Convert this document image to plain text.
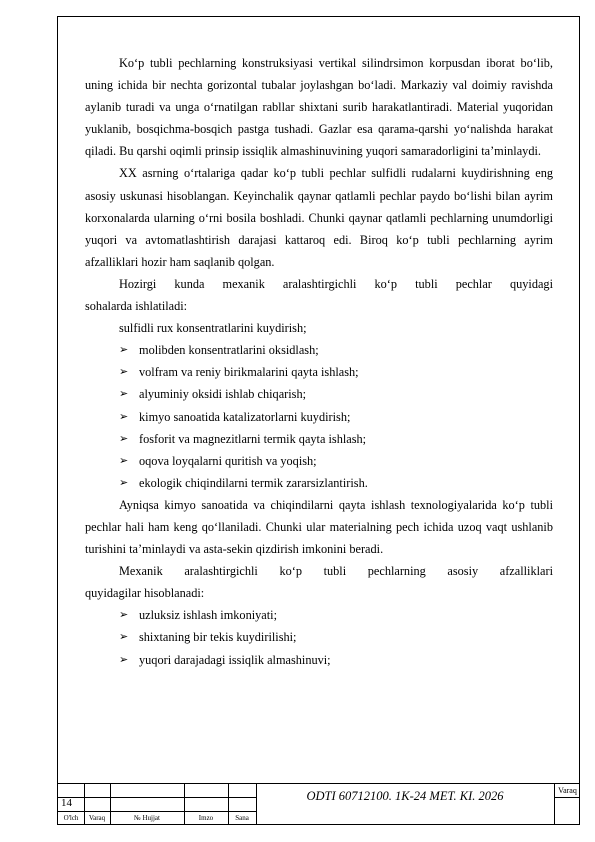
Ko‘p tubli pechlarning konstruksiyasi vertikal silindrsimon korpusdan iborat bo‘lib, uning ichida bir nechta gorizontal tubalar joylashgan bo‘ladi. Markaziy val doimiy ravishda aylanib turadi va unga o‘rnatilgan rabllar shixtani surib harakatlantiradi. Material yuqoridan yuklanib, bosqichma-bosqich pastga tushadi. Gazlar esa qarama-qarshi yo‘nalishda harakat qiladi. Bu qarshi oqimli prinsip issiqlik almashinuvining yuqori samaradorligini ta’minlaydi.

XX asrning o‘rtalariga qadar ko‘p tubli pechlar sulfidli rudalarni kuydirishning eng asosiy uskunasi hisoblangan. Keyinchalik qaynar qatlamli pechlar paydo bo‘lishi bilan ayrim korxonalarda ularning o‘rni bosila boshladi. Chunki qaynar qatlamli pechlarning unumdorligi yuqori va avtomatlashtirish darajasi kattaroq edi. Biroq ko‘p tubli pechlarning ayrim afzalliklari hozir ham saqlanib qolgan.

Hozirgi kunda mexanik aralashtirgichli ko‘p tubli pechlar quyidagi

sohalarda ishlatiladi:

sulfidli rux konsentratlarini kuydirish;

➢ molibden konsentratlarini oksidlash;
➢ volfram va reniy birikmalarini qayta ishlash;
➢ alyuminiy oksidi ishlab chiqarish;
➢ kimyo sanoatida katalizatorlarni kuydirish;
➢ fosforit va magnezitlarni termik qayta ishlash;
➢ oqova loyqalarni quritish va yoqish;
➢ ekologik chiqindilarni termik zararsizlantirish.

Ayniqsa kimyo sanoatida va chiqindilarni qayta ishlash texnologiyalarida ko‘p tubli pechlar hali ham keng qo‘llaniladi. Chunki ular materialning pech ichida uzoq vaqt ushlanib turishini ta’minlaydi va asta-sekin qizdirish imkonini beradi.

Mexanik aralashtirgichli ko‘p tubli pechlarning asosiy afzalliklari

quyidagilar hisoblanadi:

➢ uzluksiz ishlash imkoniyati;
➢ shixtaning bir tekis kuydirilishi;
➢ yuqori darajadagi issiqlik almashinuvi;
14	ODTI 60712100. 1K-24 MET. KI. 2026	Varaq
O'lch	Varaq	№ Hujjat	Imzo	Sana
